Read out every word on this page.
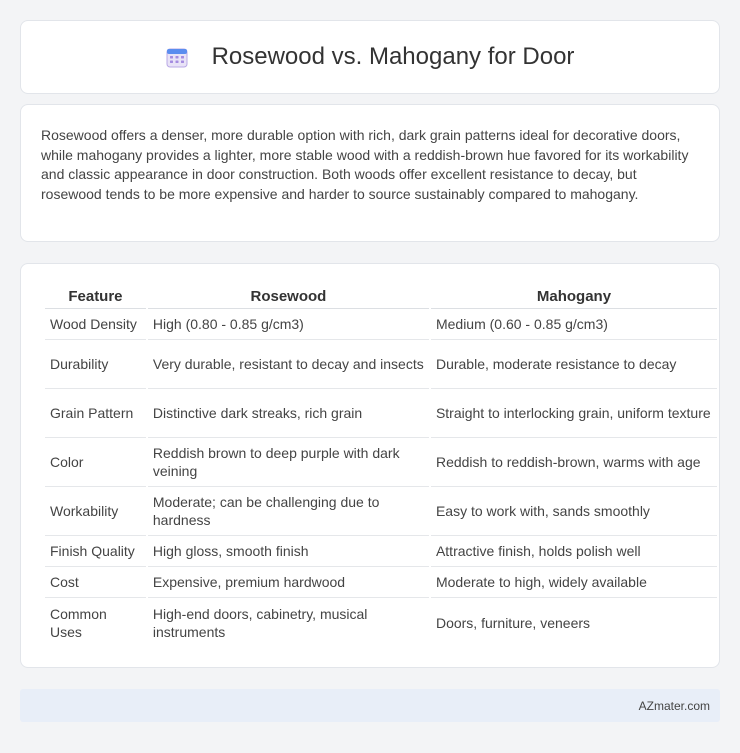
Rosewood vs. Mahogany for Door

Rosewood offers a denser, more durable option with rich, dark grain patterns ideal for decorative doors, while mahogany provides a lighter, more stable wood with a reddish-brown hue favored for its workability and classic appearance in door construction. Both woods offer excellent resistance to decay, but rosewood tends to be more expensive and harder to source sustainably compared to mahogany.

Feature	Rosewood	Mahogany
Wood Density	High (0.80 - 0.85 g/cm3)	Medium (0.60 - 0.85 g/cm3)
Durability	Very durable, resistant to decay and insects	Durable, moderate resistance to decay
Grain Pattern	Distinctive dark streaks, rich grain	Straight to interlocking grain, uniform texture
Color	Reddish brown to deep purple with dark veining	Reddish to reddish-brown, warms with age
Workability	Moderate; can be challenging due to hardness	Easy to work with, sands smoothly
Finish Quality	High gloss, smooth finish	Attractive finish, holds polish well
Cost	Expensive, premium hardwood	Moderate to high, widely available
Common Uses	High-end doors, cabinetry, musical instruments	Doors, furniture, veneers
AZmater.com
